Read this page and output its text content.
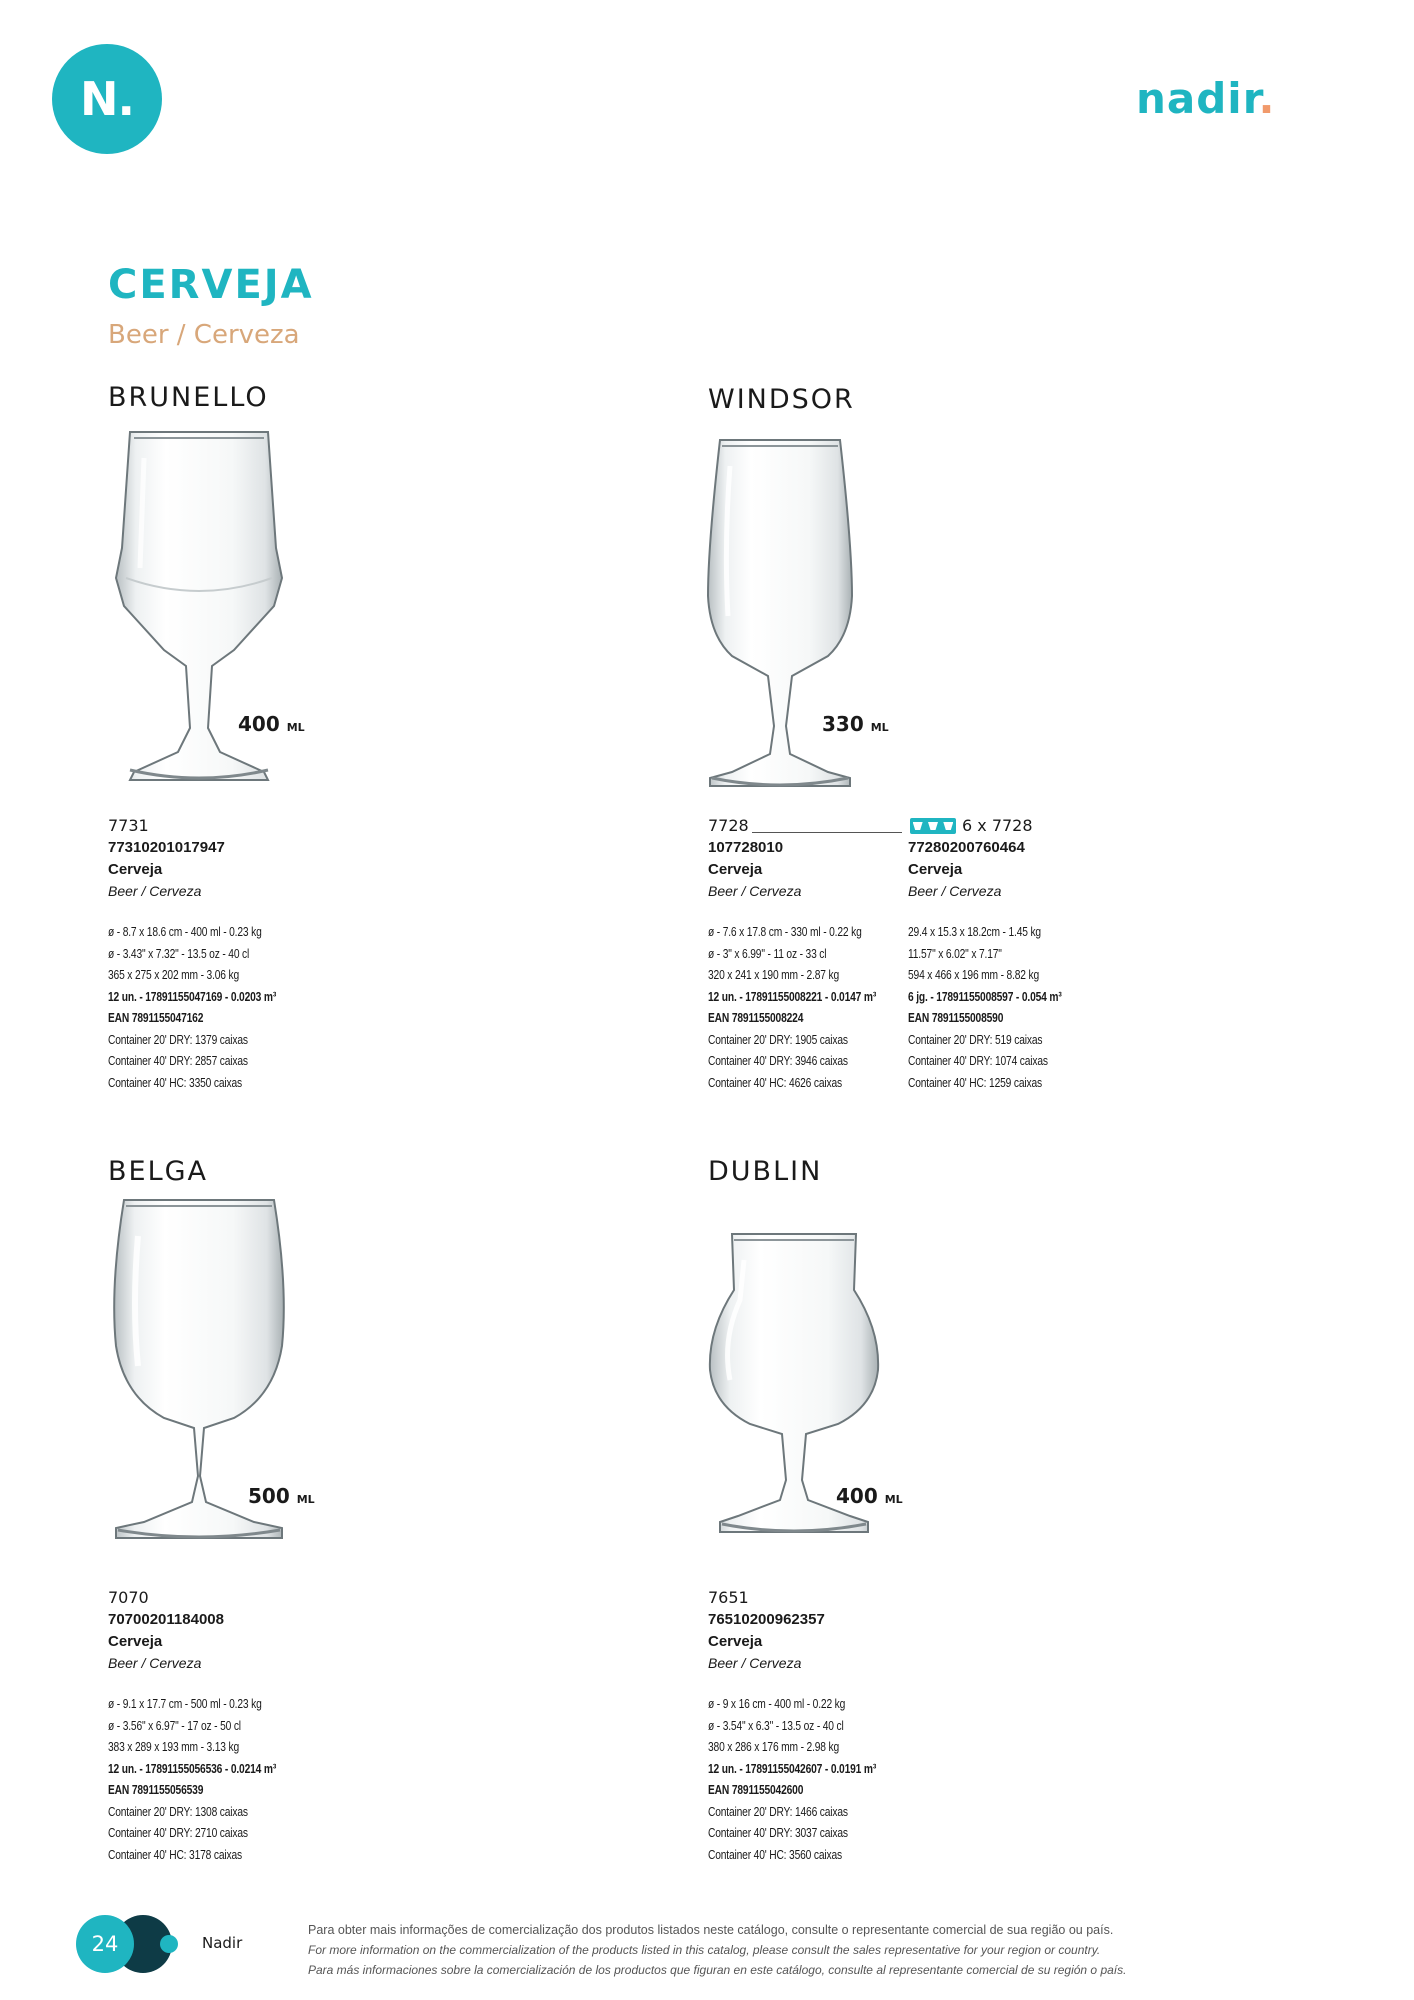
N.	nadir.
CERVEJA
Beer / Cerveza
BRUNELLO
400 ML
7731
77310201017947
Cerveja
Beer / Cerveza
ø - 8.7 x 18.6 cm - 400 ml - 0.23 kg
ø - 3.43" x 7.32" - 13.5 oz - 40 cl
365 x 275 x 202 mm - 3.06 kg
12 un. - 17891155047169 - 0.0203 m³
EAN 7891155047162
Container 20' DRY: 1379 caixas
Container 40' DRY: 2857 caixas
Container 40' HC: 3350 caixas
WINDSOR
330 ML
7728
107728010
Cerveja
Beer / Cerveza
ø - 7.6 x 17.8 cm - 330 ml - 0.22 kg
ø - 3" x 6.99" - 11 oz - 33 cl
320 x 241 x 190 mm - 2.87 kg
12 un. - 17891155008221 - 0.0147 m³
EAN 7891155008224
Container 20' DRY: 1905 caixas
Container 40' DRY: 3946 caixas
Container 40' HC: 4626 caixas
6 x 7728
77280200760464
Cerveja
Beer / Cerveza
29.4 x 15.3 x 18.2cm - 1.45 kg
11.57" x 6.02" x 7.17"
594 x 466 x 196 mm - 8.82 kg
6 jg. - 17891155008597 - 0.054 m³
EAN 7891155008590
Container 20' DRY: 519 caixas
Container 40' DRY: 1074 caixas
Container 40' HC: 1259 caixas
BELGA
500 ML
7070
70700201184008
Cerveja
Beer / Cerveza
ø - 9.1 x 17.7 cm - 500 ml - 0.23 kg
ø - 3.56" x 6.97" - 17 oz - 50 cl
383 x 289 x 193 mm - 3.13 kg
12 un. - 17891155056536 - 0.0214 m³
EAN 7891155056539
Container 20' DRY: 1308 caixas
Container 40' DRY: 2710 caixas
Container 40' HC: 3178 caixas
DUBLIN
400 ML
7651
76510200962357
Cerveja
Beer / Cerveza
ø - 9 x 16 cm - 400 ml - 0.22 kg
ø - 3.54" x 6.3" - 13.5 oz - 40 cl
380 x 286 x 176 mm - 2.98 kg
12 un. - 17891155042607 - 0.0191 m³
EAN 7891155042600
Container 20' DRY: 1466 caixas
Container 40' DRY: 3037 caixas
Container 40' HC: 3560 caixas
24	Nadir
Para obter mais informações de comercialização dos produtos listados neste catálogo, consulte o representante comercial de sua região ou país.
For more information on the commercialization of the products listed in this catalog, please consult the sales representative for your region or country.
Para más informaciones sobre la comercialización de los productos que figuran en este catálogo, consulte al representante comercial de su región o país.
